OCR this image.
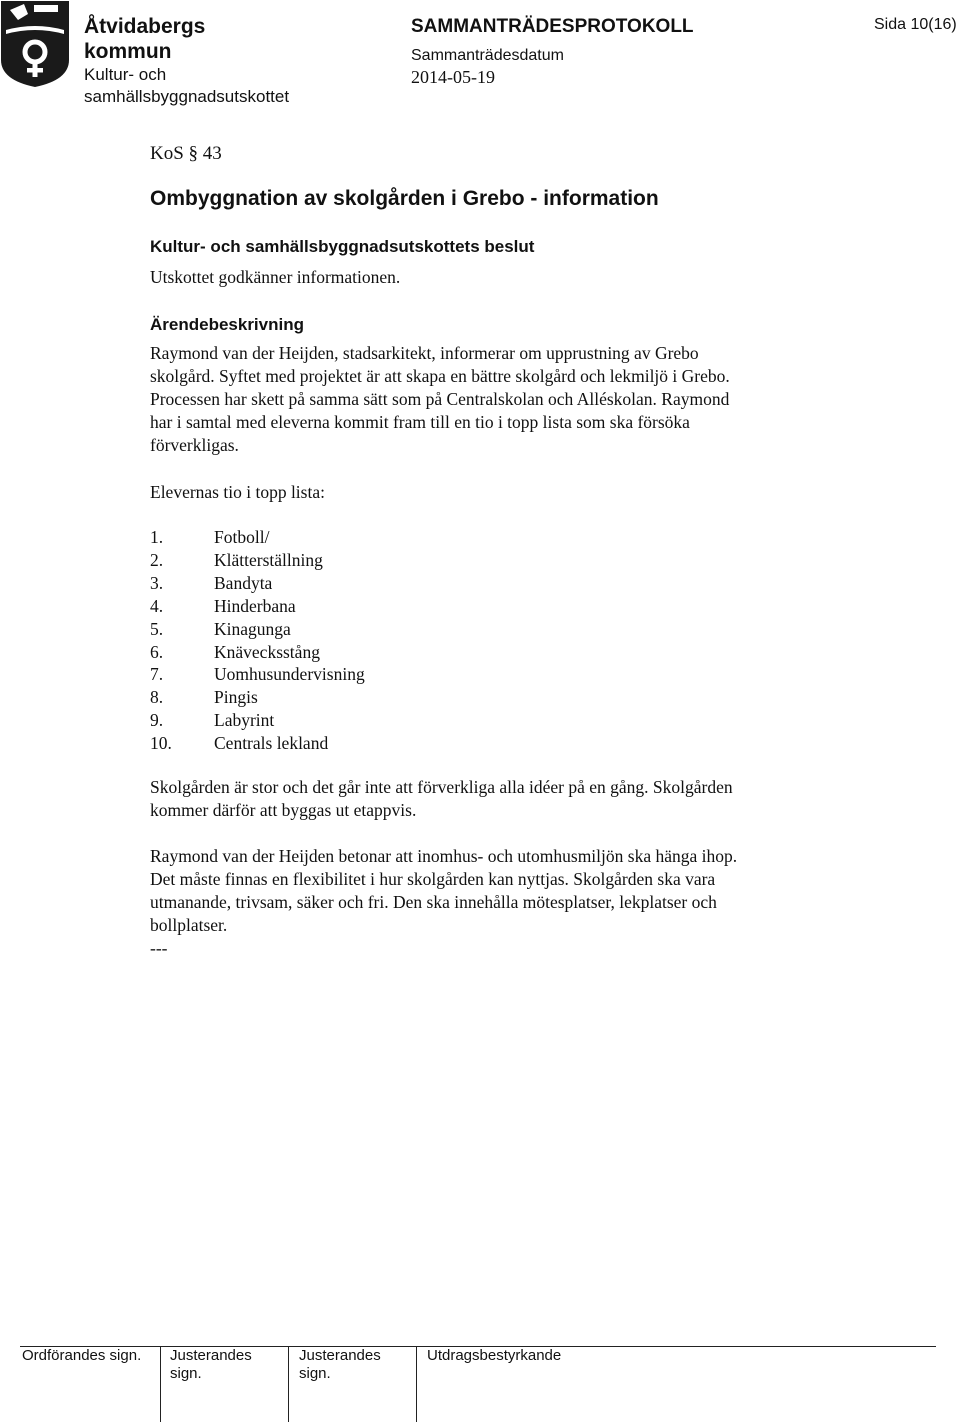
Åtvidabergs
kommun
Kultur- och
samhällsbyggnadsutskottet
SAMMANTRÄDESPROTOKOLL
Sammanträdesdatum
2014-05-19
Sida 10(16)
KoS § 43
Ombyggnation av skolgården i Grebo - information
Kultur- och samhällsbyggnadsutskottets beslut
Utskottet godkänner informationen.
Ärendebeskrivning
Raymond van der Heijden, stadsarkitekt, informerar om upprustning av Grebo
skolgård. Syftet med projektet är att skapa en bättre skolgård och lekmiljö i Grebo.
Processen har skett på samma sätt som på Centralskolan och Alléskolan. Raymond
har i samtal med eleverna kommit fram till en tio i topp lista som ska försöka
förverkligas.
Elevernas tio i topp lista:
1.	Fotboll/
2.	Klätterställning
3.	Bandyta
4.	Hinderbana
5.	Kinagunga
6.	Knävecksstång
7.	Uomhusundervisning
8.	Pingis
9.	Labyrint
10.	Centrals lekland
Skolgården är stor och det går inte att förverkliga alla idéer på en gång. Skolgården
kommer därför att byggas ut etappvis.
Raymond van der Heijden betonar att inomhus- och utomhusmiljön ska hänga ihop.
Det måste finnas en flexibilitet i hur skolgården kan nyttjas. Skolgården ska vara
utmanande, trivsam, säker och fri. Den ska innehålla mötesplatser, lekplatser och
bollplatser.
---
Ordförandes sign. Justerandes
sign.
Justerandes
sign.
Utdragsbestyrkande
